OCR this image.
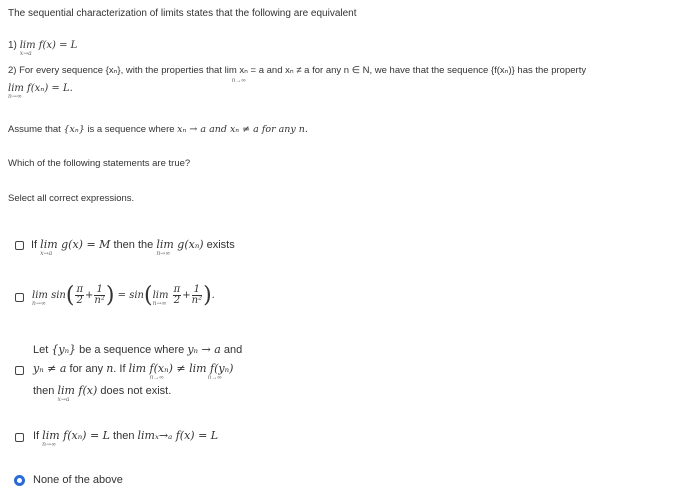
The sequential characterization of limits states that the following are equivalent
1) lim f(x) = L
x→a
2) For every sequence {xₙ}, with the properties that lim xₙ = a and xₙ ≠ a for any n ∈ N, we have that the sequence {f(xₙ)} has the property
n→∞
lim f(xₙ) = L.
n→∞
Assume that {xₙ} is a sequence where xₙ → a and xₙ ≠ a for any n.
Which of the following statements are true?
Select all correct expressions.
If lim g(x) = M
x→a
then the lim g(xₙ)
n→∞
exists
lim
n→∞
$\sin( \frac{\pi}{2} + \frac{1}{\text{n²}}$ ) = sin(lim
n→∞
$\frac{\pi}{2} + \frac{1}{\text{n²}}$ ).
Let {yₙ} be a sequence where yₙ → a and
yₙ ≠ a for any n. If lim f(xₙ) ≠ lim f(yₙ)
n→∞	n→∞
then lim f(x)
x→a
does not exist.
If lim f(xₙ) = L
n→∞
then limₓ→ₐ f(x) = L
None of the above
